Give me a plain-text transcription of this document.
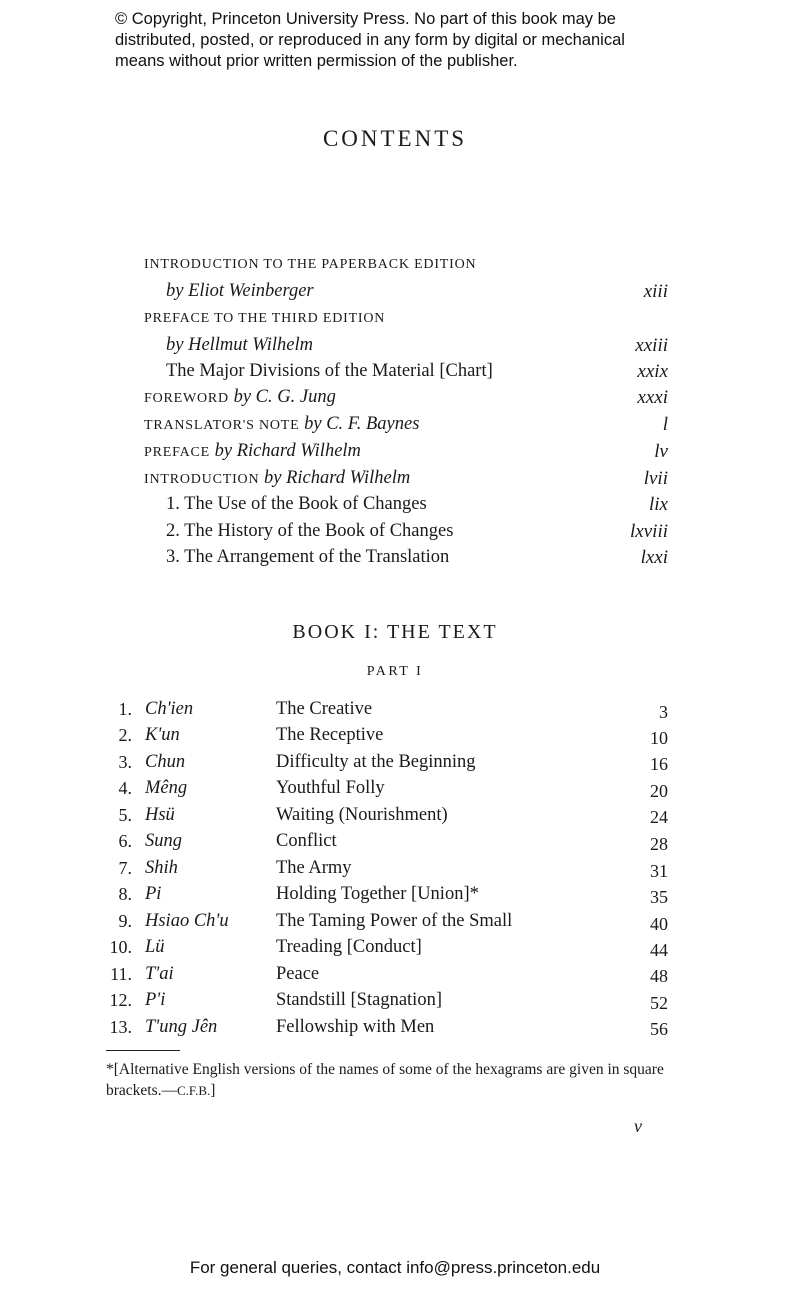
© Copyright, Princeton University Press. No part of this book may be
distributed, posted, or reproduced in any form by digital or mechanical
means without prior written permission of the publisher.
CONTENTS
INTRODUCTION TO THE PAPERBACK EDITION
by Eliot Weinberger	xiii
PREFACE TO THE THIRD EDITION
by Hellmut Wilhelm	xxiii
The Major Divisions of the Material [Chart]	xxix
FOREWORD by C. G. Jung	xxxi
TRANSLATOR'S NOTE by C. F. Baynes	l
PREFACE by Richard Wilhelm	lv
INTRODUCTION by Richard Wilhelm	lvii
1. The Use of the Book of Changes	lix
2. The History of the Book of Changes	lxviii
3. The Arrangement of the Translation	lxxi
BOOK I: THE TEXT
PART I
1. Ch'ien	The Creative	3
2. K'un	The Receptive	10
3. Chun	Difficulty at the Beginning	16
4. Mêng	Youthful Folly	20
5. Hsü	Waiting (Nourishment)	24
6. Sung	Conflict	28
7. Shih	The Army	31
8. Pi	Holding Together [Union]*	35
9. Hsiao Ch'u	The Taming Power of the Small	40
10. Lü	Treading [Conduct]	44
11. T'ai	Peace	48
12. P'i	Standstill [Stagnation]	52
13. T'ung Jên	Fellowship with Men	56
*[Alternative English versions of the names of some of the hexagrams are given in square brackets.—C.F.B.]
v
For general queries, contact info@press.princeton.edu
